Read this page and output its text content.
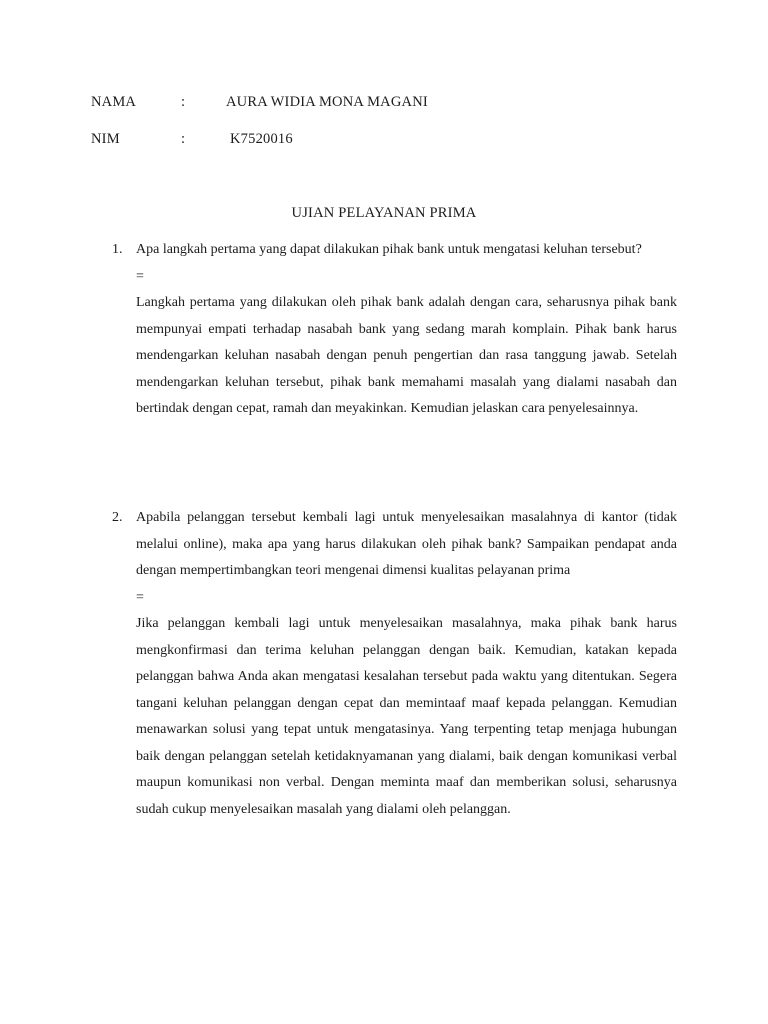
NAMA	:	AURA WIDIA MONA MAGANI
NIM	:	K7520016
UJIAN PELAYANAN PRIMA
1. Apa langkah pertama yang dapat dilakukan pihak bank untuk mengatasi keluhan tersebut?

=

Langkah pertama yang dilakukan oleh pihak bank adalah dengan cara, seharusnya pihak bank mempunyai empati terhadap nasabah bank yang sedang marah komplain. Pihak bank harus mendengarkan keluhan nasabah dengan penuh pengertian dan rasa tanggung jawab. Setelah mendengarkan keluhan tersebut, pihak bank memahami masalah yang dialami nasabah dan bertindak dengan cepat, ramah dan meyakinkan. Kemudian jelaskan cara penyelesainnya.

2. Apabila pelanggan tersebut kembali lagi untuk menyelesaikan masalahnya di kantor (tidak melalui online), maka apa yang harus dilakukan oleh pihak bank? Sampaikan pendapat anda dengan mempertimbangkan teori mengenai dimensi kualitas pelayanan prima

=

Jika pelanggan kembali lagi untuk menyelesaikan masalahnya, maka pihak bank harus mengkonfirmasi dan terima keluhan pelanggan dengan baik. Kemudian, katakan kepada pelanggan bahwa Anda akan mengatasi kesalahan tersebut pada waktu yang ditentukan. Segera tangani keluhan pelanggan dengan cepat dan memintaaf maaf kepada pelanggan. Kemudian menawarkan solusi yang tepat untuk mengatasinya. Yang terpenting tetap menjaga hubungan baik dengan pelanggan setelah ketidaknyamanan yang dialami, baik dengan komunikasi verbal maupun komunikasi non verbal. Dengan meminta maaf dan memberikan solusi, seharusnya sudah cukup menyelesaikan masalah yang dialami oleh pelanggan.
